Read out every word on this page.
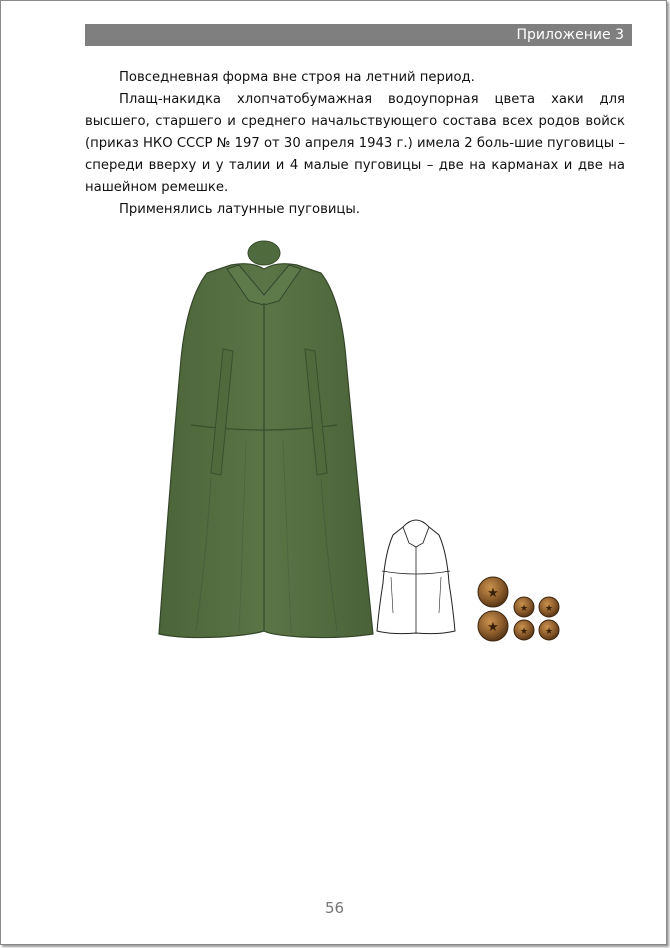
Приложение 3

Повседневная форма вне строя на летний период.

Плащ-накидка хлопчатобумажная водоупорная цвета хаки для высшего, старшего и среднего начальствующего состава всех родов войск (приказ НКО СССР № 197 от 30 апреля 1943 г.) имела 2 боль-​шие пуговицы – спереди вверху и у талии и 4 малые пуговицы – две на карманах и две на нашейном ремешке.

Применялись латунные пуговицы.

★
★
★ ★
★ ★
56
